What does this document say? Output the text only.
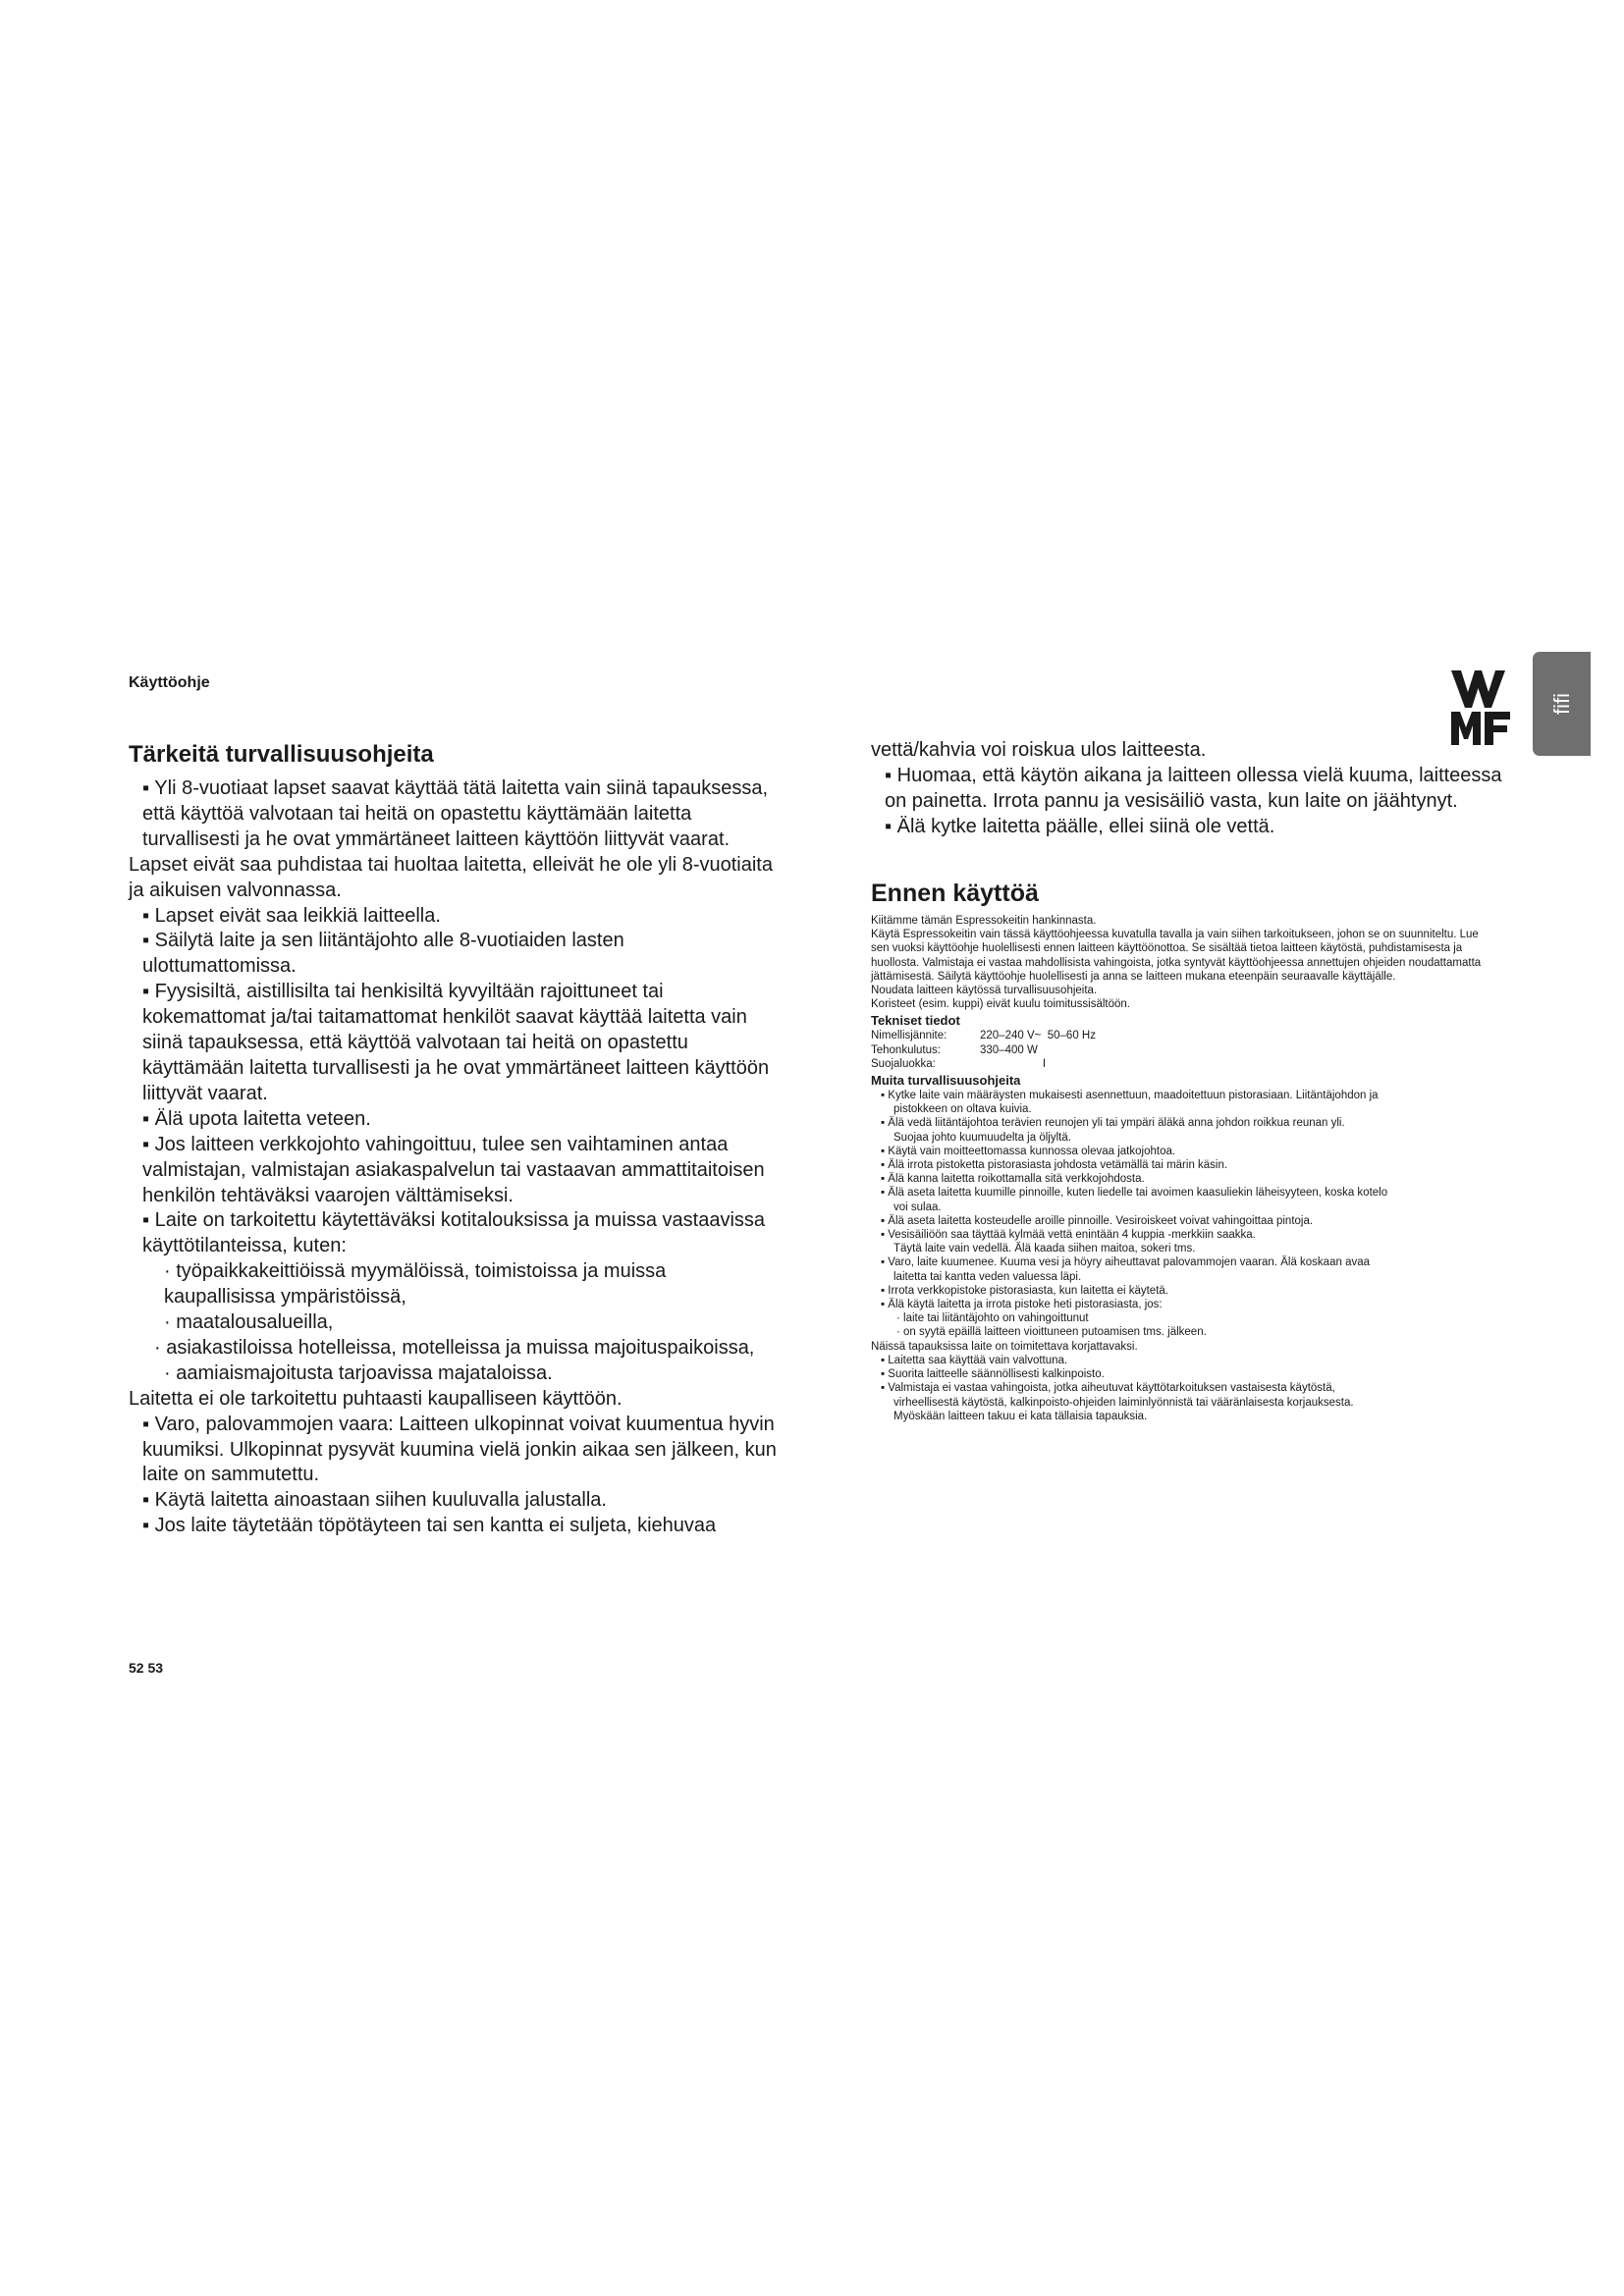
Käyttöohje
fifi
Tärkeitä turvallisuusohjeita

▪ Yli 8-vuotiaat lapset saavat käyttää tätä laitetta vain siinä tapauksessa, että käyttöä valvotaan tai heitä on opastettu käyttämään laitetta turvallisesti ja he ovat ymmärtäneet laitteen käyttöön liittyvät vaarat.

Lapset eivät saa puhdistaa tai huoltaa laitetta, elleivät he ole yli 8-vuotiaita ja aikuisen valvonnassa.

▪ Lapset eivät saa leikkiä laitteella.

▪ Säilytä laite ja sen liitäntäjohto alle 8-vuotiaiden lasten ulottumattomissa.

▪ Fyysisiltä, aistillisilta tai henkisiltä kyvyiltään rajoittuneet tai kokemattomat ja/tai taitamattomat henkilöt saavat käyttää laitetta vain siinä tapauksessa, että käyttöä valvotaan tai heitä on opastettu käyttämään laitetta turvallisesti ja he ovat ymmärtäneet laitteen käyttöön liittyvät vaarat.

▪ Älä upota laitetta veteen.

▪ Jos laitteen verkkojohto vahingoittuu, tulee sen vaihtaminen antaa valmistajan, valmistajan asiakaspalvelun tai vastaavan ammattitaitoisen henkilön tehtäväksi vaarojen välttämiseksi.

▪ Laite on tarkoitettu käytettäväksi kotitalouksissa ja muissa vastaavissa käyttötilanteissa, kuten:

· työpaikkakeittiöissä myymälöissä, toimistoissa ja muissa kaupallisissa ympäristöissä,

· maatalousalueilla,

· asiakastiloissa hotelleissa, motelleissa ja muissa majoituspaikoissa,

· aamiaismajoitusta tarjoavissa majataloissa.

Laitetta ei ole tarkoitettu puhtaasti kaupalliseen käyttöön.

▪ Varo, palovammojen vaara: Laitteen ulkopinnat voivat kuumentua hyvin kuumiksi. Ulkopinnat pysyvät kuumina vielä jonkin aikaa sen jälkeen, kun laite on sammutettu.

▪ Käytä laitetta ainoastaan siihen kuuluvalla jalustalla.

▪ Jos laite täytetään töpötäyteen tai sen kantta ei suljeta, kiehuvaa

vettä/kahvia voi roiskua ulos laitteesta.

▪ Huomaa, että käytön aikana ja laitteen ollessa vielä kuuma, laitteessa on painetta. Irrota pannu ja vesisäiliö vasta, kun laite on jäähtynyt.

▪ Älä kytke laitetta päälle, ellei siinä ole vettä.

Ennen käyttöä

Kiitämme tämän Espressokeitin hankinnasta.

Käytä Espressokeitin vain tässä käyttöohjeessa kuvatulla tavalla ja vain siihen tarkoitukseen, johon se on suunniteltu. Lue sen vuoksi käyttöohje huolellisesti ennen laitteen käyttöönottoa. Se sisältää tietoa laitteen käytöstä, puhdistamisesta ja huollosta. Valmistaja ei vastaa mahdollisista vahingoista, jotka syntyvät käyttöohjeessa annettujen ohjeiden noudattamatta jättämisestä. Säilytä käyttöohje huolellisesti ja anna se laitteen mukana eteenpäin seuraavalle käyttäjälle.

Noudata laitteen käytössä turvallisuusohjeita.

Koristeet (esim. kuppi) eivät kuulu toimitussisältöön.

Tekniset tiedot
Nimellisjännite:	220–240 V~  50–60 Hz
Tehonkulutus:	330–400 W
Suojaluokka:	I
Muita turvallisuusohjeita

▪ Kytke laite vain määräysten mukaisesti asennettuun, maadoitettuun pistorasiaan. Liitäntäjohdon ja

pistokkeen on oltava kuivia.

▪ Älä vedä liitäntäjohtoa terävien reunojen yli tai ympäri äläkä anna johdon roikkua reunan yli.

Suojaa johto kuumuudelta ja öljyltä.

▪ Käytä vain moitteettomassa kunnossa olevaa jatkojohtoa.

▪ Älä irrota pistoketta pistorasiasta johdosta vetämällä tai märin käsin.

▪ Älä kanna laitetta roikottamalla sitä verkkojohdosta.

▪ Älä aseta laitetta kuumille pinnoille, kuten liedelle tai avoimen kaasuliekin läheisyyteen, koska kotelo

voi sulaa.

▪ Älä aseta laitetta kosteudelle aroille pinnoille. Vesiroiskeet voivat vahingoittaa pintoja.

▪ Vesisäiliöön saa täyttää kylmää vettä enintään 4 kuppia -merkkiin saakka.

Täytä laite vain vedellä. Älä kaada siihen maitoa, sokeri tms.

▪ Varo, laite kuumenee. Kuuma vesi ja höyry aiheuttavat palovammojen vaaran. Älä koskaan avaa

laitetta tai kantta veden valuessa läpi.

▪ Irrota verkkopistoke pistorasiasta, kun laitetta ei käytetä.

▪ Älä käytä laitetta ja irrota pistoke heti pistorasiasta, jos:

· laite tai liitäntäjohto on vahingoittunut

· on syytä epäillä laitteen vioittuneen putoamisen tms. jälkeen.

Näissä tapauksissa laite on toimitettava korjattavaksi.

▪ Laitetta saa käyttää vain valvottuna.

▪ Suorita laitteelle säännöllisesti kalkinpoisto.

▪ Valmistaja ei vastaa vahingoista, jotka aiheutuvat käyttötarkoituksen vastaisesta käytöstä,

virheellisestä käytöstä, kalkinpoisto-ohjeiden laiminlyönnistä tai vääränlaisesta korjauksesta.

Myöskään laitteen takuu ei kata tällaisia tapauksia.

52 53
